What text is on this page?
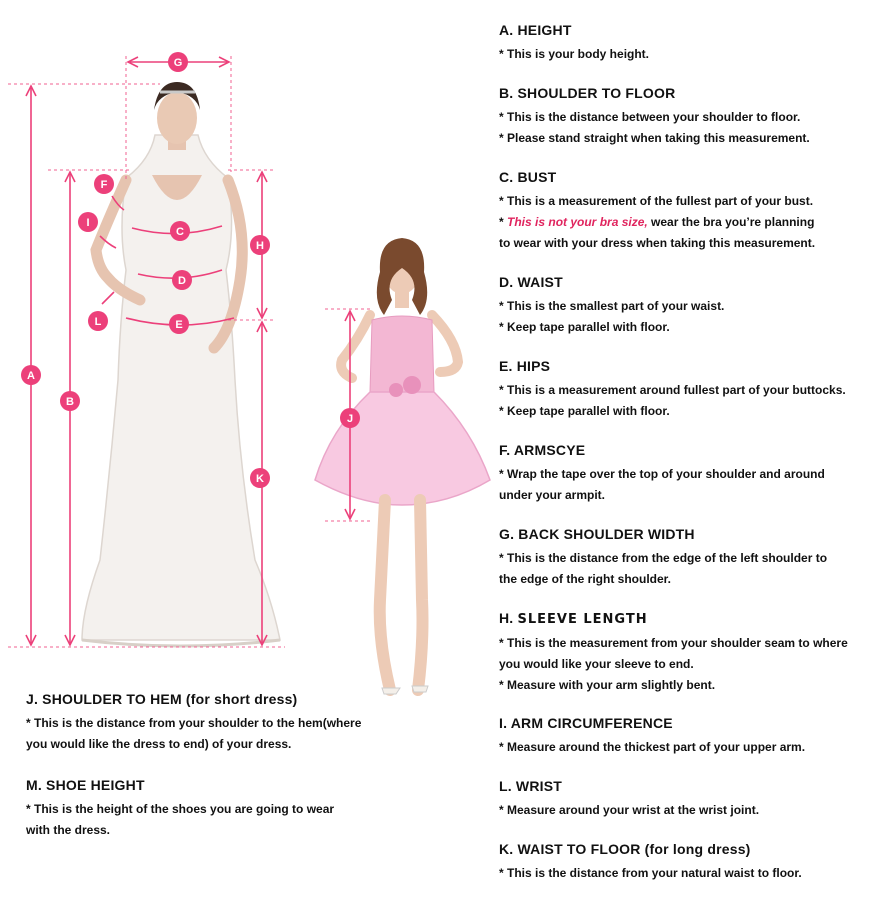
G
A
B
F
I
C
H
D
L	E
K
J

A. HEIGHT

* This is your body height.

B. SHOULDER TO FLOOR

* This is the distance between your shoulder to floor.

* Please stand straight when taking this measurement.

C. BUST

* This is a measurement of the fullest part of your bust.

* This is not your bra size, wear the bra you’re planning

to wear with your dress when taking this measurement.

D. WAIST

* This is the smallest part of your waist.

* Keep tape parallel with floor.

E. HIPS

* This is a measurement around fullest part of your buttocks.

* Keep tape parallel with floor.

F. ARMSCYE

* Wrap the tape over the top of your shoulder and around

under your armpit.

G. BACK SHOULDER WIDTH

* This is the distance from the edge of the left shoulder to

the edge of the right shoulder.

H. SLEEVE LENGTH

* This is the measurement from your shoulder seam to where

you would like your sleeve to end.

* Measure with your arm slightly bent.

I. ARM CIRCUMFERENCE

* Measure around the thickest part of your upper arm.

L. WRIST

* Measure around your wrist at the wrist joint.

K. WAIST TO FLOOR (for long dress)

* This is the distance from your natural waist to floor.

J. SHOULDER TO HEM (for short dress)

* This is the distance from your shoulder to the hem(where

you would like the dress to end) of your dress.

M. SHOE HEIGHT

* This is the height of the shoes you are going to wear

with the dress.
